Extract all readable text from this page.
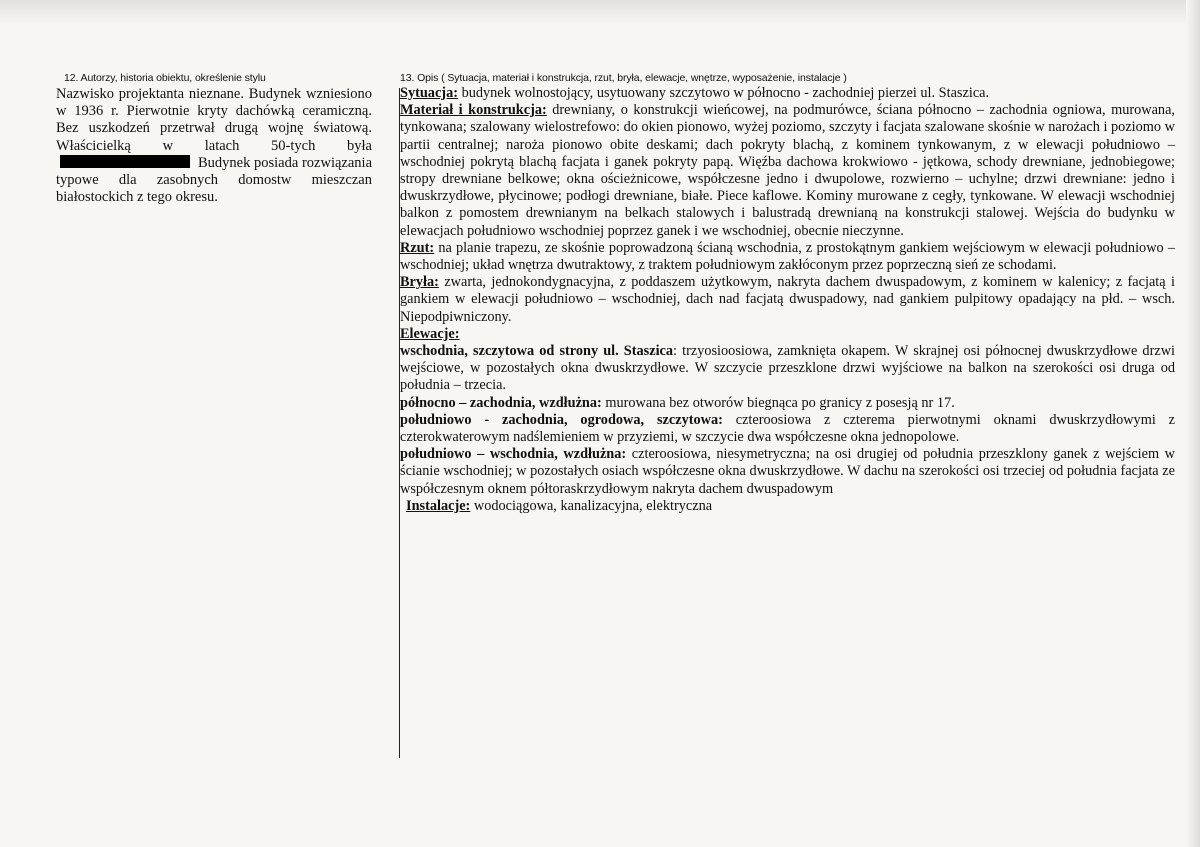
12. Autorzy, historia obiektu, określenie stylu
Nazwisko projektanta nieznane. Budynek wzniesiono w 1936 r. Pierwotnie kryty dachówką ceramiczną. Bez uszkodzeń przetrwał drugą wojnę światową. Właścicielką w latach 50-tych byłaBudynek posiada rozwiązania typowe dla zasobnych domostw mieszczan białostockich z tego okresu.
13. Opis ( Sytuacja, materiał i konstrukcja, rzut, bryła, elewacje, wnętrze, wyposażenie, instalacje )

Sytuacja: budynek wolnostojący, usytuowany szczytowo w północno - zachodniej pierzei ul. Staszica.

Materiał i konstrukcja: drewniany, o konstrukcji wieńcowej, na podmurówce, ściana północno – zachodnia ogniowa, murowana, tynkowana; szalowany wielostrefowo: do okien pionowo, wyżej poziomo, szczyty i facjata szalowane skośnie w narożach i poziomo w partii centralnej; naroża pionowo obite deskami; dach pokryty blachą, z kominem tynkowanym, z w elewacji południowo – wschodniej pokrytą blachą facjata i ganek pokryty papą. Więźba dachowa krokwiowo - jętkowa, schody drewniane, jednobiegowe; stropy drewniane belkowe; okna ościeżnicowe, współczesne jedno i dwupolowe, rozwierno – uchylne; drzwi drewniane: jedno i dwuskrzydłowe, płycinowe; podłogi drewniane, białe. Piece kaflowe. Kominy murowane z cegły, tynkowane. W elewacji wschodniej balkon z pomostem drewnianym na belkach stalowych i balustradą drewnianą na konstrukcji stalowej. Wejścia do budynku w elewacjach południowo wschodniej poprzez ganek i we wschodniej, obecnie nieczynne.

Rzut: na planie trapezu, ze skośnie poprowadzoną ścianą wschodnia, z prostokątnym gankiem wejściowym w elewacji południowo – wschodniej; układ wnętrza dwutraktowy, z traktem południowym zakłóconym przez poprzeczną sień ze schodami.

Bryła: zwarta, jednokondygnacyjna, z poddaszem użytkowym, nakryta dachem dwuspadowym, z kominem w kalenicy; z facjatą i gankiem w elewacji południowo – wschodniej, dach nad facjatą dwuspadowy, nad gankiem pulpitowy opadający na płd. – wsch. Niepodpiwniczony.

Elewacje:

wschodnia, szczytowa od strony ul. Staszica: trzyosioosiowa, zamknięta okapem. W skrajnej osi północnej dwuskrzydłowe drzwi wejściowe, w pozostałych okna dwuskrzydłowe. W szczycie przeszklone drzwi wyjściowe na balkon na szerokości osi druga od południa – trzecia.

północno – zachodnia, wzdłużna: murowana bez otworów biegnąca po granicy z posesją nr 17.

południowo - zachodnia, ogrodowa, szczytowa: czteroosiowa z czterema pierwotnymi oknami dwuskrzydłowymi z czterokwaterowym nadślemieniem w przyziemi, w szczycie dwa współczesne okna jednopolowe.

południowo – wschodnia, wzdłużna: czteroosiowa, niesymetryczna; na osi drugiej od południa przeszklony ganek z wejściem w ścianie wschodniej; w pozostałych osiach współczesne okna dwuskrzydłowe. W dachu na szerokości osi trzeciej od południa facjata ze współczesnym oknem półtoraskrzydłowym nakryta dachem dwuspadowym

Instalacje: wodociągowa, kanalizacyjna, elektryczna
